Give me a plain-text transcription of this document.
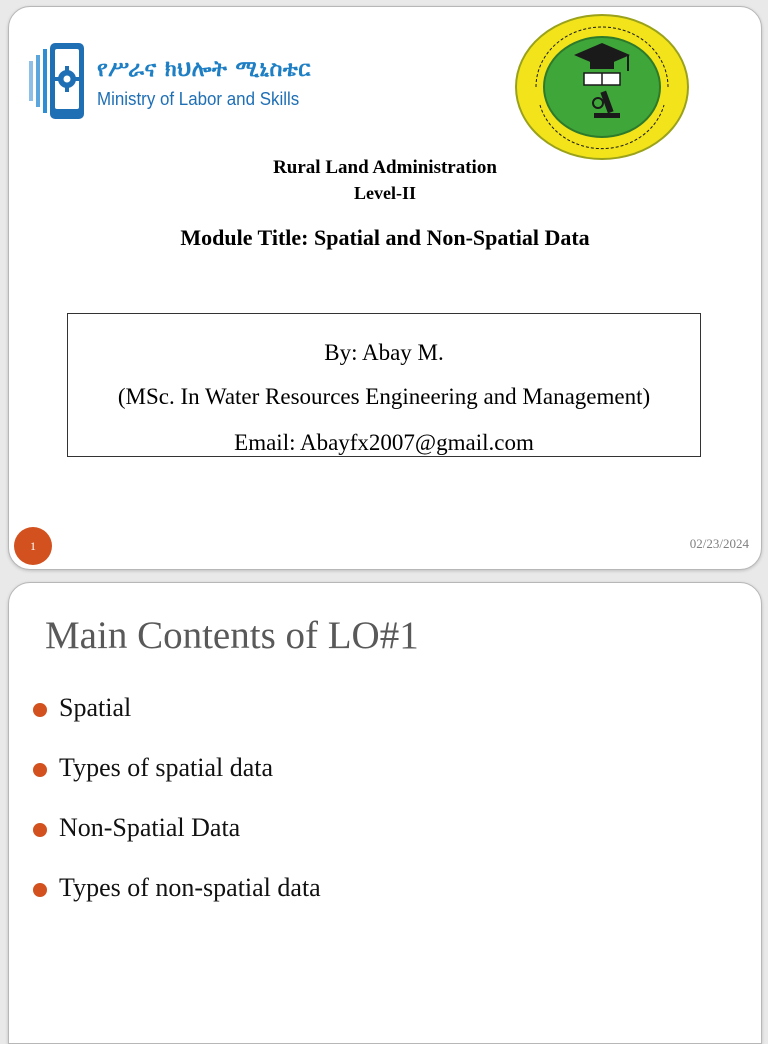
የሥራና ክህሎት ሚኒስቴር
Ministry of Labor and Skills
Rural Land Administration
Level-II
Module Title: Spatial and Non-Spatial Data
By: Abay M.
(MSc. In Water Resources Engineering and Management)
Email: Abayfx2007@gmail.com
1	02/23/2024
Main Contents of LO#1
Spatial
Types of spatial data
Non-Spatial Data
Types of non-spatial data
